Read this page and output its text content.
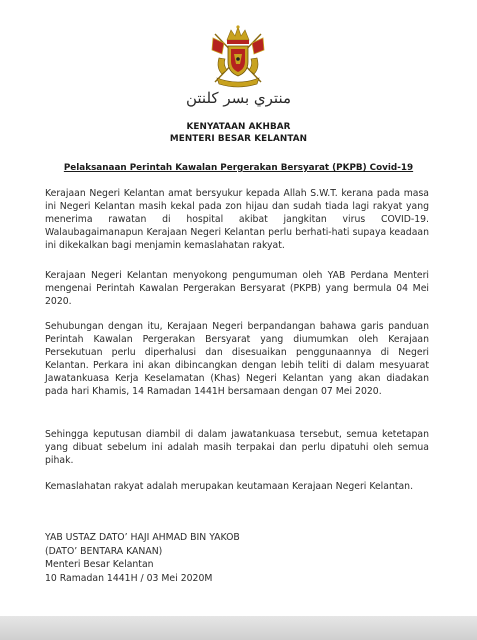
منتري بسر كلنتن
KENYATAAN AKHBAR
MENTERI BESAR KELANTAN
Pelaksanaan Perintah Kawalan Pergerakan Bersyarat (PKPB) Covid-19
Kerajaan Negeri Kelantan amat bersyukur kepada Allah S.W.T. kerana pada masa ini Negeri Kelantan masih kekal pada zon hijau dan sudah tiada lagi rakyat yang menerima rawatan di hospital akibat jangkitan virus COVID-19. Walaubagaimanapun Kerajaan Negeri Kelantan perlu berhati-hati supaya keadaan ini dikekalkan bagi menjamin kemaslahatan rakyat.
Kerajaan Negeri Kelantan menyokong pengumuman oleh YAB Perdana Menteri mengenai Perintah Kawalan Pergerakan Bersyarat (PKPB) yang bermula 04 Mei 2020.
Sehubungan dengan itu, Kerajaan Negeri berpandangan bahawa garis panduan Perintah Kawalan Pergerakan Bersyarat yang diumumkan oleh Kerajaan Persekutuan perlu diperhalusi dan disesuaikan penggunaannya di Negeri Kelantan. Perkara ini akan dibincangkan dengan lebih teliti di dalam mesyuarat Jawatankuasa Kerja Keselamatan (Khas) Negeri Kelantan yang akan diadakan pada hari Khamis, 14 Ramadan 1441H bersamaan dengan 07 Mei 2020.
Sehingga keputusan diambil di dalam jawatankuasa tersebut, semua ketetapan yang dibuat sebelum ini adalah masih terpakai dan perlu dipatuhi oleh semua pihak.
Kemaslahatan rakyat adalah merupakan keutamaan Kerajaan Negeri Kelantan.
YAB USTAZ DATO’ HAJI AHMAD BIN YAKOB
(DATO’ BENTARA KANAN)
Menteri Besar Kelantan
10 Ramadan 1441H / 03 Mei 2020M
